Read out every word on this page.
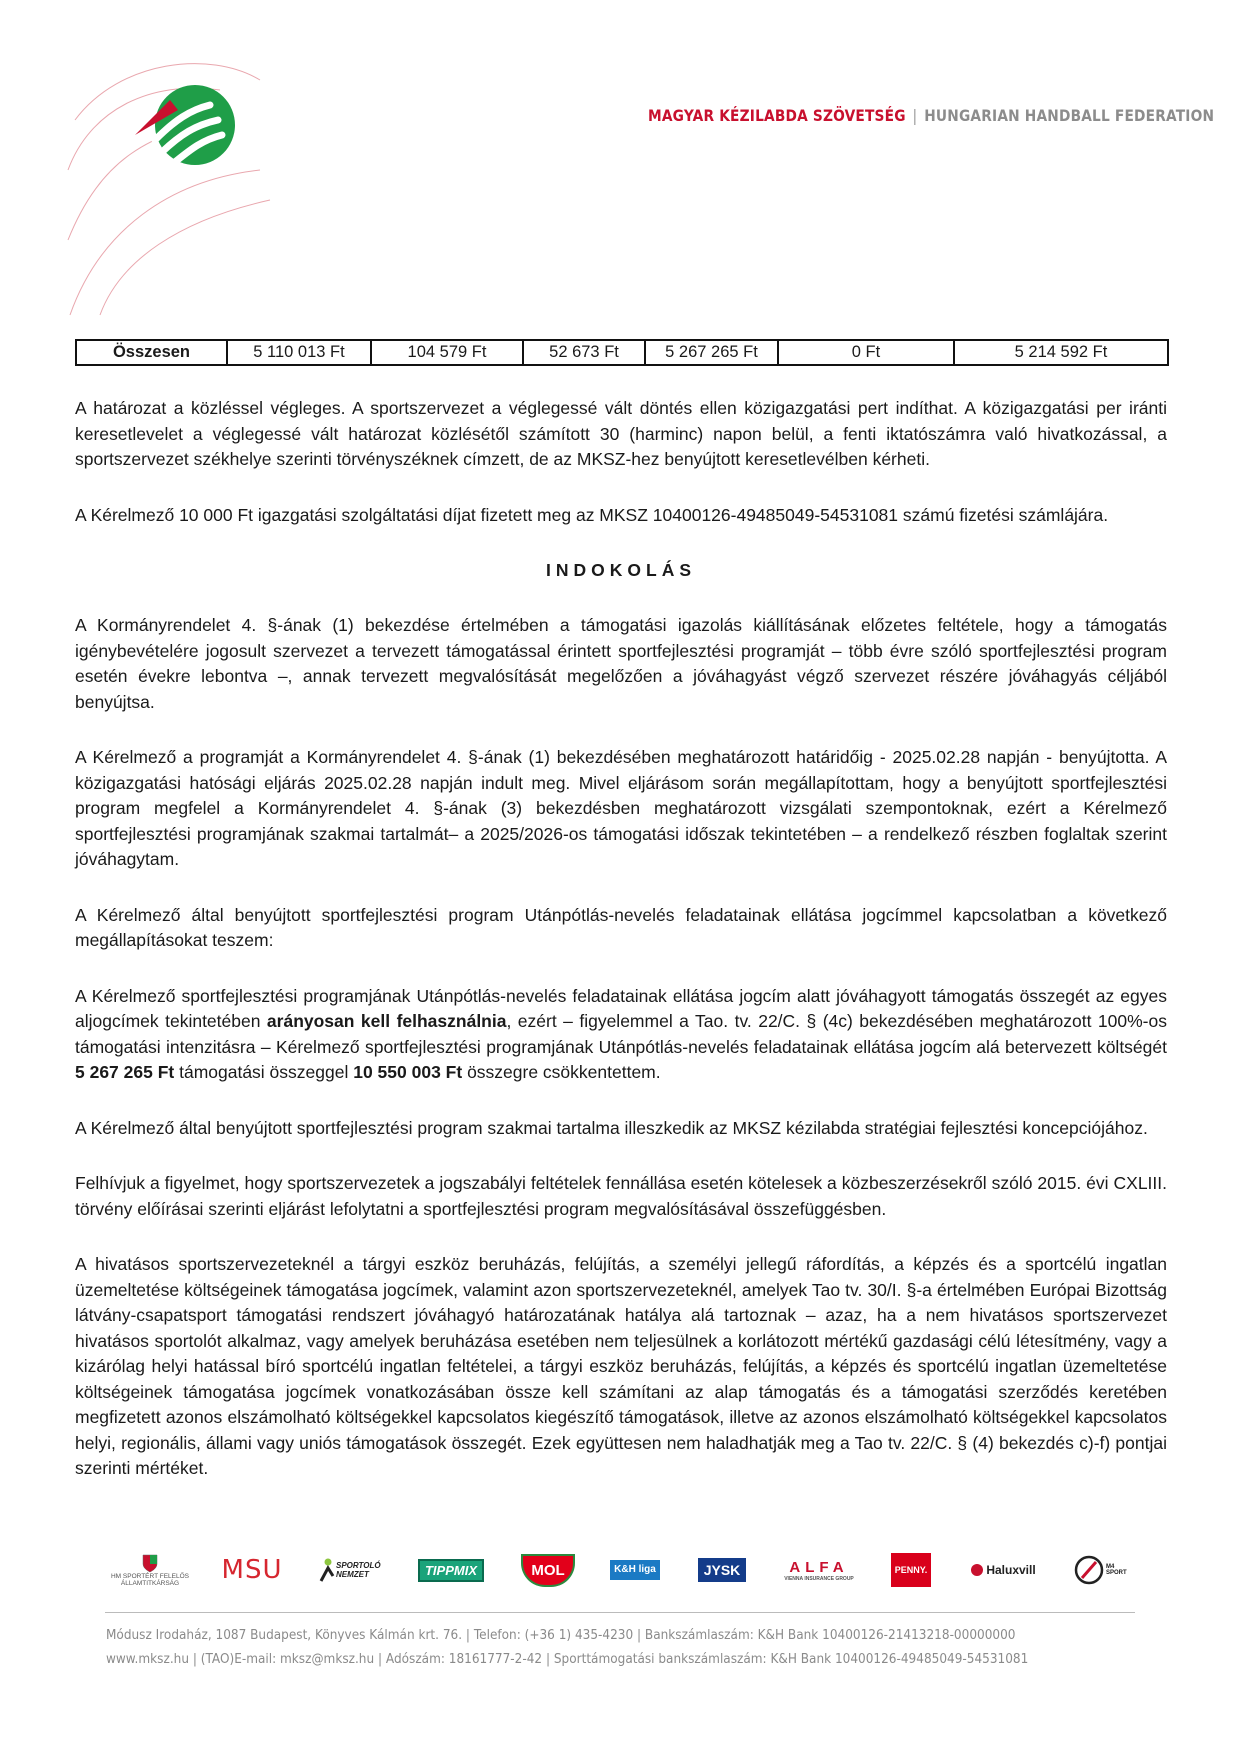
MAGYAR KÉZILABDA SZÖVETSÉG | HUNGARIAN HANDBALL FEDERATION
Összesen	5 110 013 Ft	104 579 Ft	52 673 Ft	5 267 265 Ft	0 Ft	5 214 592 Ft

A határozat a közléssel végleges. A sportszervezet a véglegessé vált döntés ellen közigazgatási pert indíthat. A közigazgatási per iránti keresetlevelet a véglegessé vált határozat közlésétől számított 30 (harminc) napon belül, a fenti iktatószámra való hivatkozással, a sportszervezet székhelye szerinti törvényszéknek címzett, de az MKSZ-hez benyújtott keresetlevélben kérheti.

A Kérelmező 10 000 Ft igazgatási szolgáltatási díjat fizetett meg az MKSZ 10400126-49485049-54531081 számú fizetési számlájára.

INDOKOLÁS

A Kormányrendelet 4. §-ának (1) bekezdése értelmében a támogatási igazolás kiállításának előzetes feltétele, hogy a támogatás igénybevételére jogosult szervezet a tervezett támogatással érintett sportfejlesztési programját – több évre szóló sportfejlesztési program esetén évekre lebontva –, annak tervezett megvalósítását megelőzően a jóváhagyást végző szervezet részére jóváhagyás céljából benyújtsa.

A Kérelmező a programját a Kormányrendelet 4. §-ának (1) bekezdésében meghatározott határidőig - 2025.02.28 napján - benyújtotta. A közigazgatási hatósági eljárás 2025.02.28 napján indult meg. Mivel eljárásom során megállapítottam, hogy a benyújtott sportfejlesztési program megfelel a Kormányrendelet 4. §-ának (3) bekezdésben meghatározott vizsgálati szempontoknak, ezért a Kérelmező sportfejlesztési programjának szakmai tartalmát– a 2025/2026-os támogatási időszak tekintetében – a rendelkező részben foglaltak szerint jóváhagytam.

A Kérelmező által benyújtott sportfejlesztési program Utánpótlás-nevelés feladatainak ellátása jogcímmel kapcsolatban a következő megállapításokat teszem:

A Kérelmező sportfejlesztési programjának Utánpótlás-nevelés feladatainak ellátása jogcím alatt jóváhagyott támogatás összegét az egyes aljogcímek tekintetében arányosan kell felhasználnia, ezért – figyelemmel a Tao. tv. 22/C. § (4c) bekezdésében meghatározott 100%-os támogatási intenzitásra – Kérelmező sportfejlesztési programjának Utánpótlás-nevelés feladatainak ellátása jogcím alá betervezett költségét 5 267 265 Ft támogatási összeggel 10 550 003 Ft összegre csökkentettem.

A Kérelmező által benyújtott sportfejlesztési program szakmai tartalma illeszkedik az MKSZ kézilabda stratégiai fejlesztési koncepciójához.

Felhívjuk a figyelmet, hogy sportszervezetek a jogszabályi feltételek fennállása esetén kötelesek a közbeszerzésekről szóló 2015. évi CXLIII. törvény előírásai szerinti eljárást lefolytatni a sportfejlesztési program megvalósításával összefüggésben.

A hivatásos sportszervezeteknél a tárgyi eszköz beruházás, felújítás, a személyi jellegű ráfordítás, a képzés és a sportcélú ingatlan üzemeltetése költségeinek támogatása jogcímek, valamint azon sportszervezeteknél, amelyek Tao tv. 30/I. §-a értelmében Európai Bizottság látvány-csapatsport támogatási rendszert jóváhagyó határozatának hatálya alá tartoznak – azaz, ha a nem hivatásos sportszervezet hivatásos sportolót alkalmaz, vagy amelyek beruházása esetében nem teljesülnek a korlátozott mértékű gazdasági célú létesítmény, vagy a kizárólag helyi hatással bíró sportcélú ingatlan feltételei, a tárgyi eszköz beruházás, felújítás, a képzés és sportcélú ingatlan üzemeltetése költségeinek támogatása jogcímek vonatkozásában össze kell számítani az alap támogatás és a támogatási szerződés keretében megfizetett azonos elszámolható költségekkel kapcsolatos kiegészítő támogatások, illetve az azonos elszámolható költségekkel kapcsolatos helyi, regionális, állami vagy uniós támogatások összegét. Ezek együttesen nem haladhatják meg a Tao tv. 22/C. § (4) bekezdés c)-f) pontjai szerinti mértéket.

HM SPORTÉRT FELELŐS ÁLLAMTITKÁRSÁG	MSU	SPORTOLÓ NEMZET	TIPPMIX	MOL	K&H liga	JYSK	ALFA
VIENNA INSURANCE GROUP
PENNY.	Haluxvill	M4 SPORT
Módusz Irodaház, 1087 Budapest, Könyves Kálmán krt. 76. | Telefon: (+36 1) 435-4230 | Bankszámlaszám: K&H Bank 10400126-21413218-00000000
www.mksz.hu | (TAO)E-mail: mksz@mksz.hu | Adószám: 18161777-2-42 | Sporttámogatási bankszámlaszám: K&H Bank 10400126-49485049-54531081
